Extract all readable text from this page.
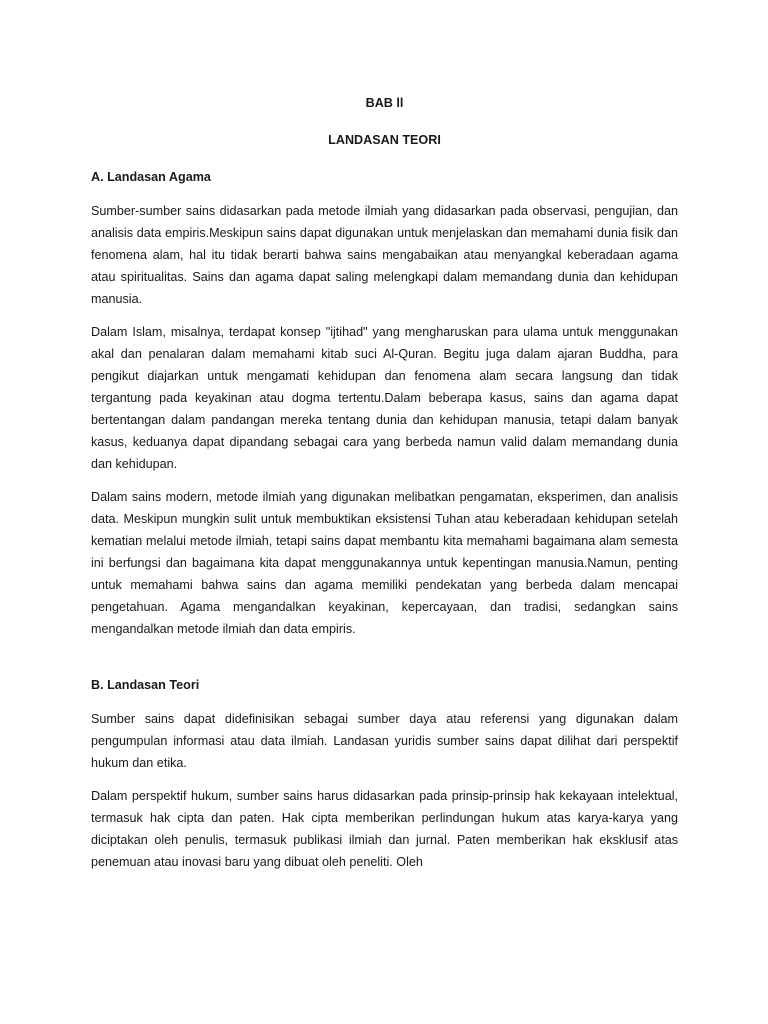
BAB ll

LANDASAN TEORI

A. Landasan Agama

Sumber-sumber sains didasarkan pada metode ilmiah yang didasarkan pada observasi, pengujian, dan analisis data empiris.Meskipun sains dapat digunakan untuk menjelaskan dan memahami dunia fisik dan fenomena alam, hal itu tidak berarti bahwa sains mengabaikan atau menyangkal keberadaan agama atau spiritualitas. Sains dan agama dapat saling melengkapi dalam memandang dunia dan kehidupan manusia.

Dalam Islam, misalnya, terdapat konsep "ijtihad" yang mengharuskan para ulama untuk menggunakan akal dan penalaran dalam memahami kitab suci Al-Quran. Begitu juga dalam ajaran Buddha, para pengikut diajarkan untuk mengamati kehidupan dan fenomena alam secara langsung dan tidak tergantung pada keyakinan atau dogma tertentu.Dalam beberapa kasus, sains dan agama dapat bertentangan dalam pandangan mereka tentang dunia dan kehidupan manusia, tetapi dalam banyak kasus, keduanya dapat dipandang sebagai cara yang berbeda namun valid dalam memandang dunia dan kehidupan.

Dalam sains modern, metode ilmiah yang digunakan melibatkan pengamatan, eksperimen, dan analisis data. Meskipun mungkin sulit untuk membuktikan eksistensi Tuhan atau keberadaan kehidupan setelah kematian melalui metode ilmiah, tetapi sains dapat membantu kita memahami bagaimana alam semesta ini berfungsi dan bagaimana kita dapat menggunakannya untuk kepentingan manusia.Namun, penting untuk memahami bahwa sains dan agama memiliki pendekatan yang berbeda dalam mencapai pengetahuan. Agama mengandalkan keyakinan, kepercayaan, dan tradisi, sedangkan sains mengandalkan metode ilmiah dan data empiris.

B. Landasan Teori

Sumber sains dapat didefinisikan sebagai sumber daya atau referensi yang digunakan dalam pengumpulan informasi atau data ilmiah. Landasan yuridis sumber sains dapat dilihat dari perspektif hukum dan etika.

Dalam perspektif hukum, sumber sains harus didasarkan pada prinsip-prinsip hak kekayaan intelektual, termasuk hak cipta dan paten. Hak cipta memberikan perlindungan hukum atas karya-karya yang diciptakan oleh penulis, termasuk publikasi ilmiah dan jurnal. Paten memberikan hak eksklusif atas penemuan atau inovasi baru yang dibuat oleh peneliti. Oleh
